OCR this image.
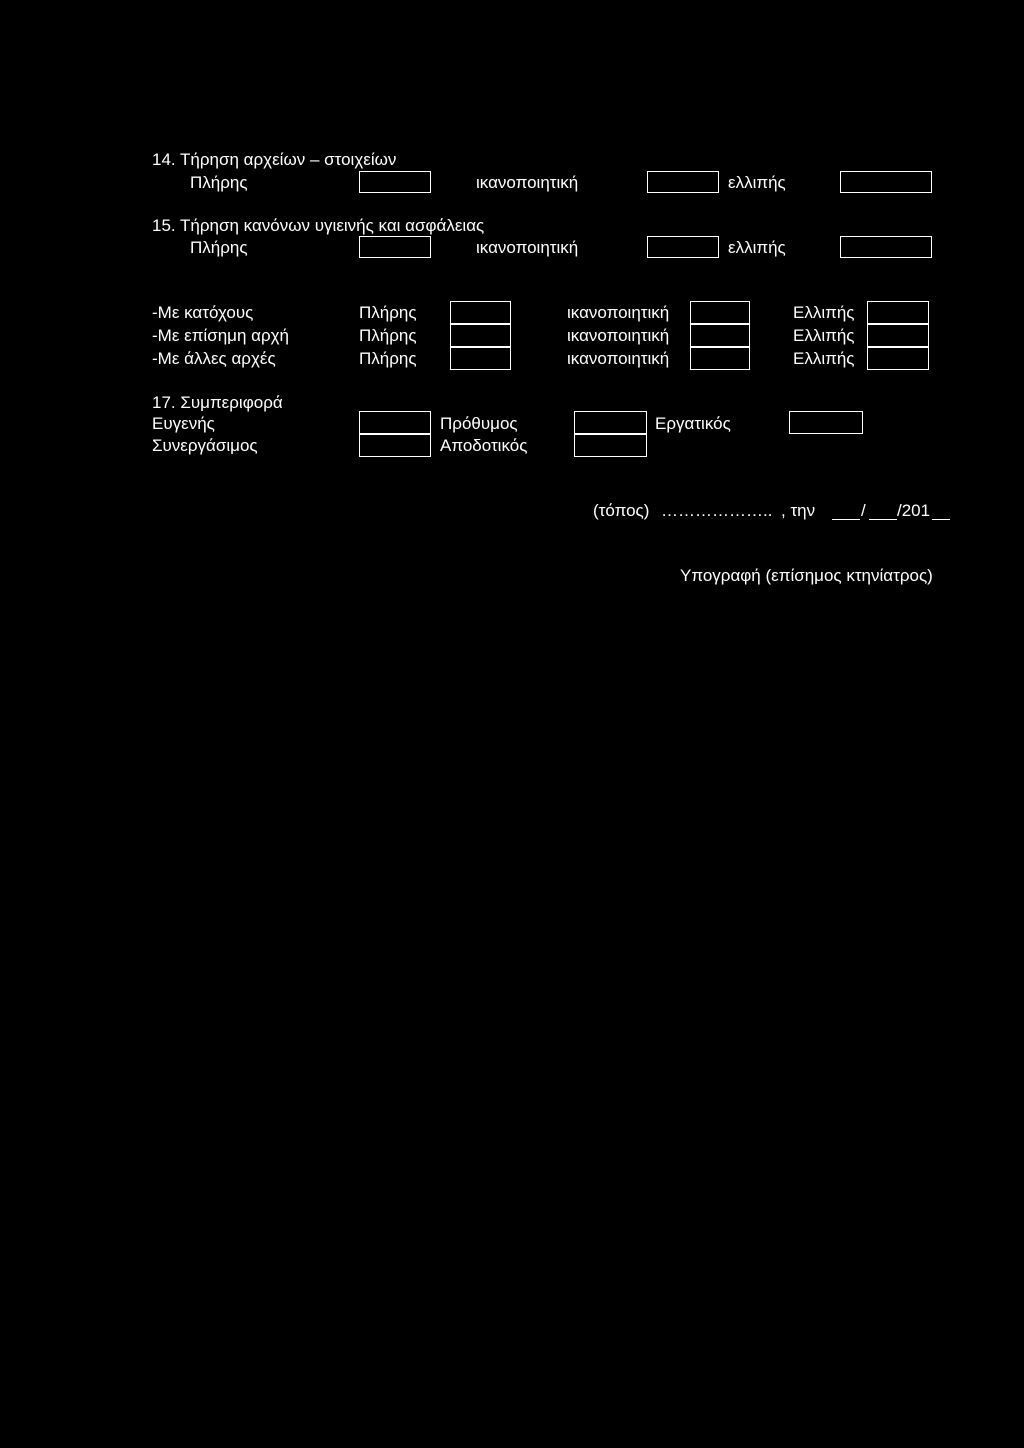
14. Τήρηση αρχείων – στοιχείων
Πλήρης	ικανοποιητική	ελλιπής
15. Τήρηση κανόνων υγιεινής και ασφάλειας
Πλήρης	ικανοποιητική	ελλιπής
-Με κατόχους	Πλήρης	ικανοποιητική	Ελλιπής
-Με επίσημη αρχή	Πλήρης	ικανοποιητική	Ελλιπής
-Με άλλες αρχές	Πλήρης	ικανοποιητική	Ελλιπής
17. Συμπεριφορά
Ευγενής	Πρόθυμος	Εργατικός
Συνεργάσιμος	Αποδοτικός
(τόπος) ……………….. , την	/ /201
Υπογραφή (επίσημος κτηνίατρος)
